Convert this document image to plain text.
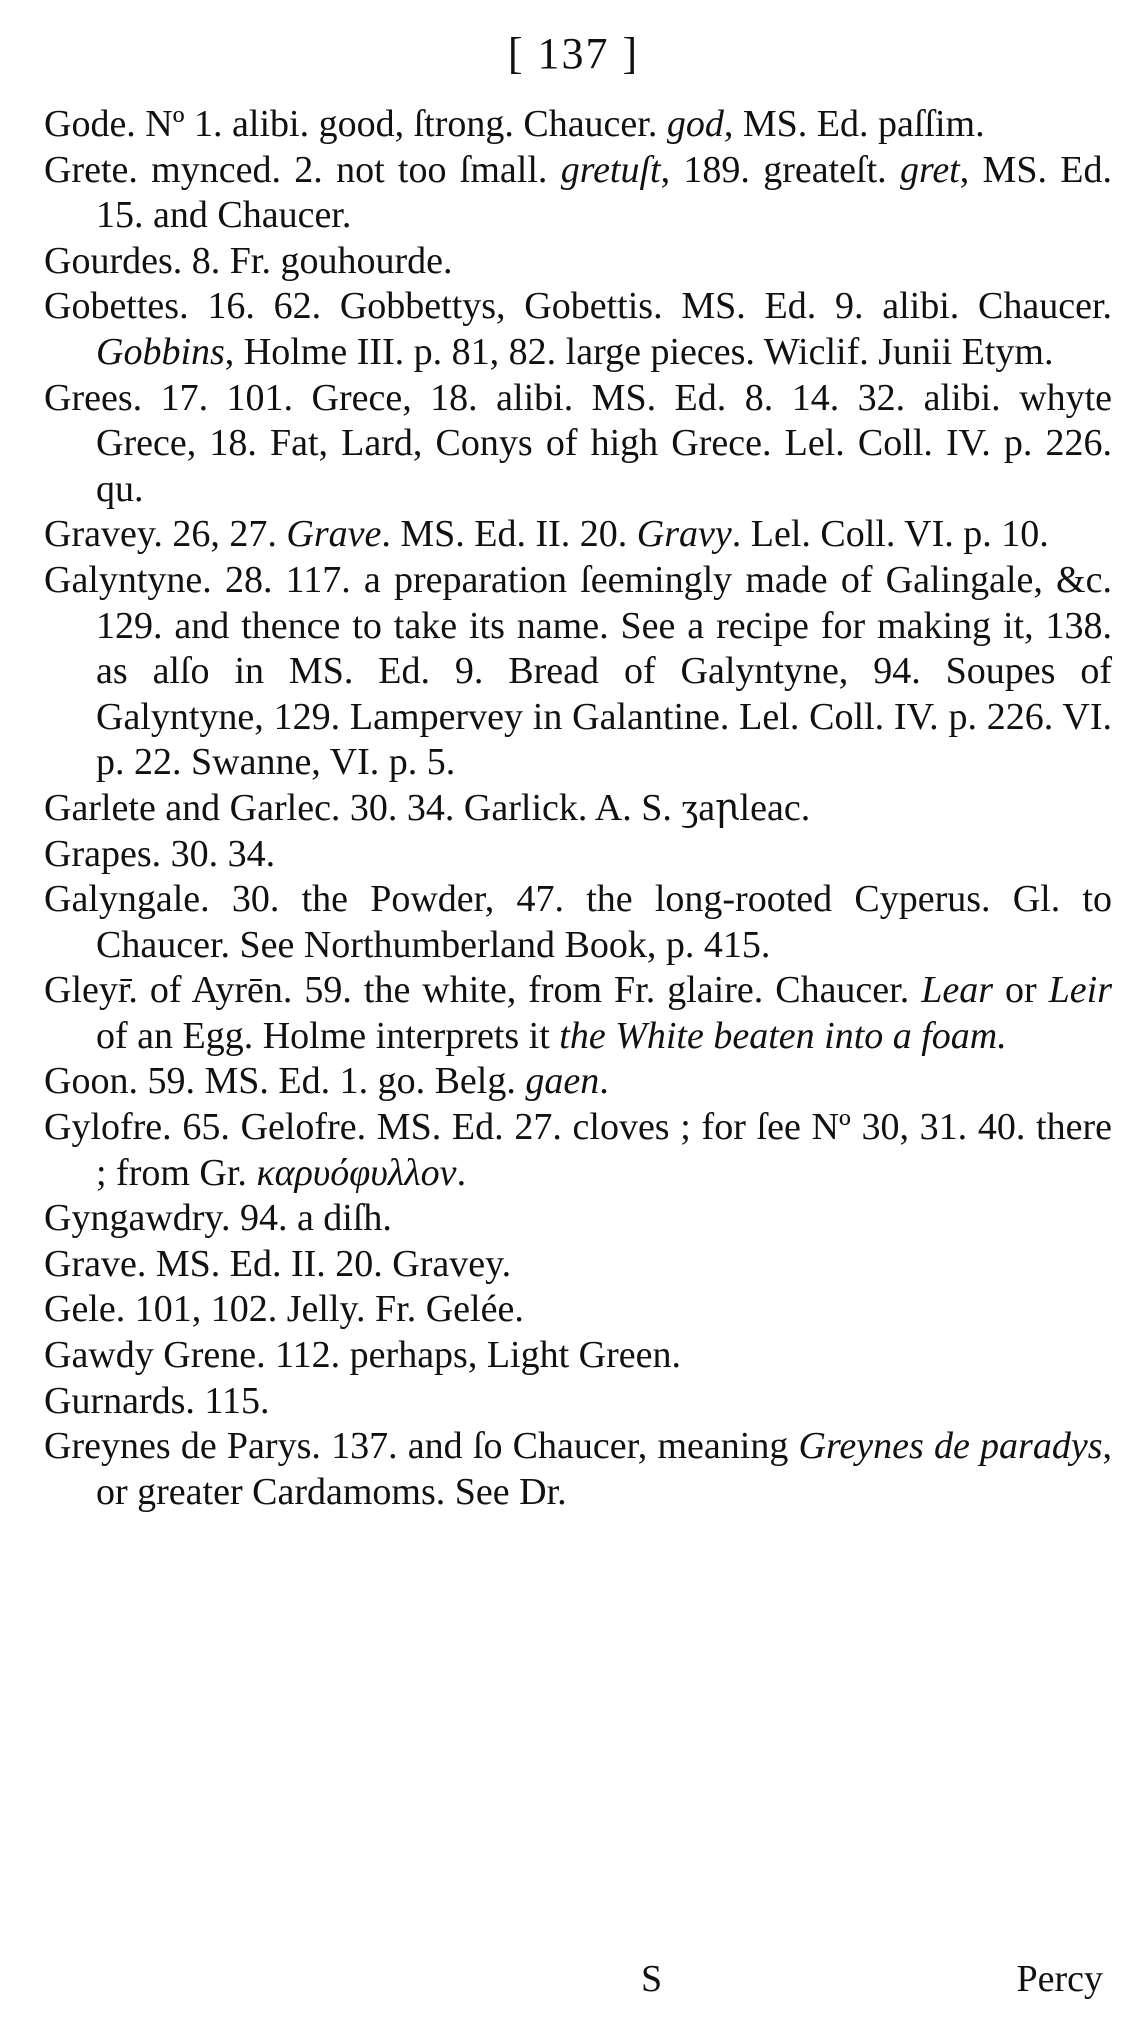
[ 137 ]

Gode. Nº 1. alibi. good, ſtrong. Chaucer. god, MS. Ed. paſſim.

Grete. mynced. 2. not too ſmall. gretuſt, 189. greateſt. gret, MS. Ed. 15. and Chaucer.

Gourdes. 8. Fr. gouhourde.

Gobettes. 16. 62. Gobbettys, Gobettis. MS. Ed. 9. alibi. Chaucer. Gobbins, Holme III. p. 81, 82. large pieces. Wiclif. Junii Etym.

Grees. 17. 101. Grece, 18. alibi. MS. Ed. 8. 14. 32. alibi. whyte Grece, 18. Fat, Lard, Conys of high Grece. Lel. Coll. IV. p. 226. qu.

Gravey. 26, 27. Grave. MS. Ed. II. 20. Gravy. Lel. Coll. VI. p. 10.

Galyntyne. 28. 117. a preparation ſeemingly made of Galingale, &c. 129. and thence to take its name. See a recipe for making it, 138. as alſo in MS. Ed. 9. Bread of Galyntyne, 94. Soupes of Galyntyne, 129. Lampervey in Galantine. Lel. Coll. IV. p. 226. VI. p. 22. Swanne, VI. p. 5.

Garlete and Garlec. 30. 34. Garlick. A. S. ʒaꞃleac.

Grapes. 30. 34.

Galyngale. 30. the Powder, 47. the long-rooted Cyperus. Gl. to Chaucer. See Northumberland Book, p. 415.

Gleyr̄. of Ayrēn. 59. the white, from Fr. glaire. Chaucer. Lear or Leir of an Egg. Holme interprets it the White beaten into a foam.

Goon. 59. MS. Ed. 1. go. Belg. gaen.

Gylofre. 65. Gelofre. MS. Ed. 27. cloves ; for ſee Nº 30, 31. 40. there ; from Gr. καρυόφυλλον.

Gyngawdry. 94. a diſh.

Grave. MS. Ed. II. 20. Gravey.

Gele. 101, 102. Jelly. Fr. Gelée.

Gawdy Grene. 112. perhaps, Light Green.

Gurnards. 115.

Greynes de Parys. 137. and ſo Chaucer, meaning Greynes de paradys, or greater Cardamoms. See Dr.

S	Percy
